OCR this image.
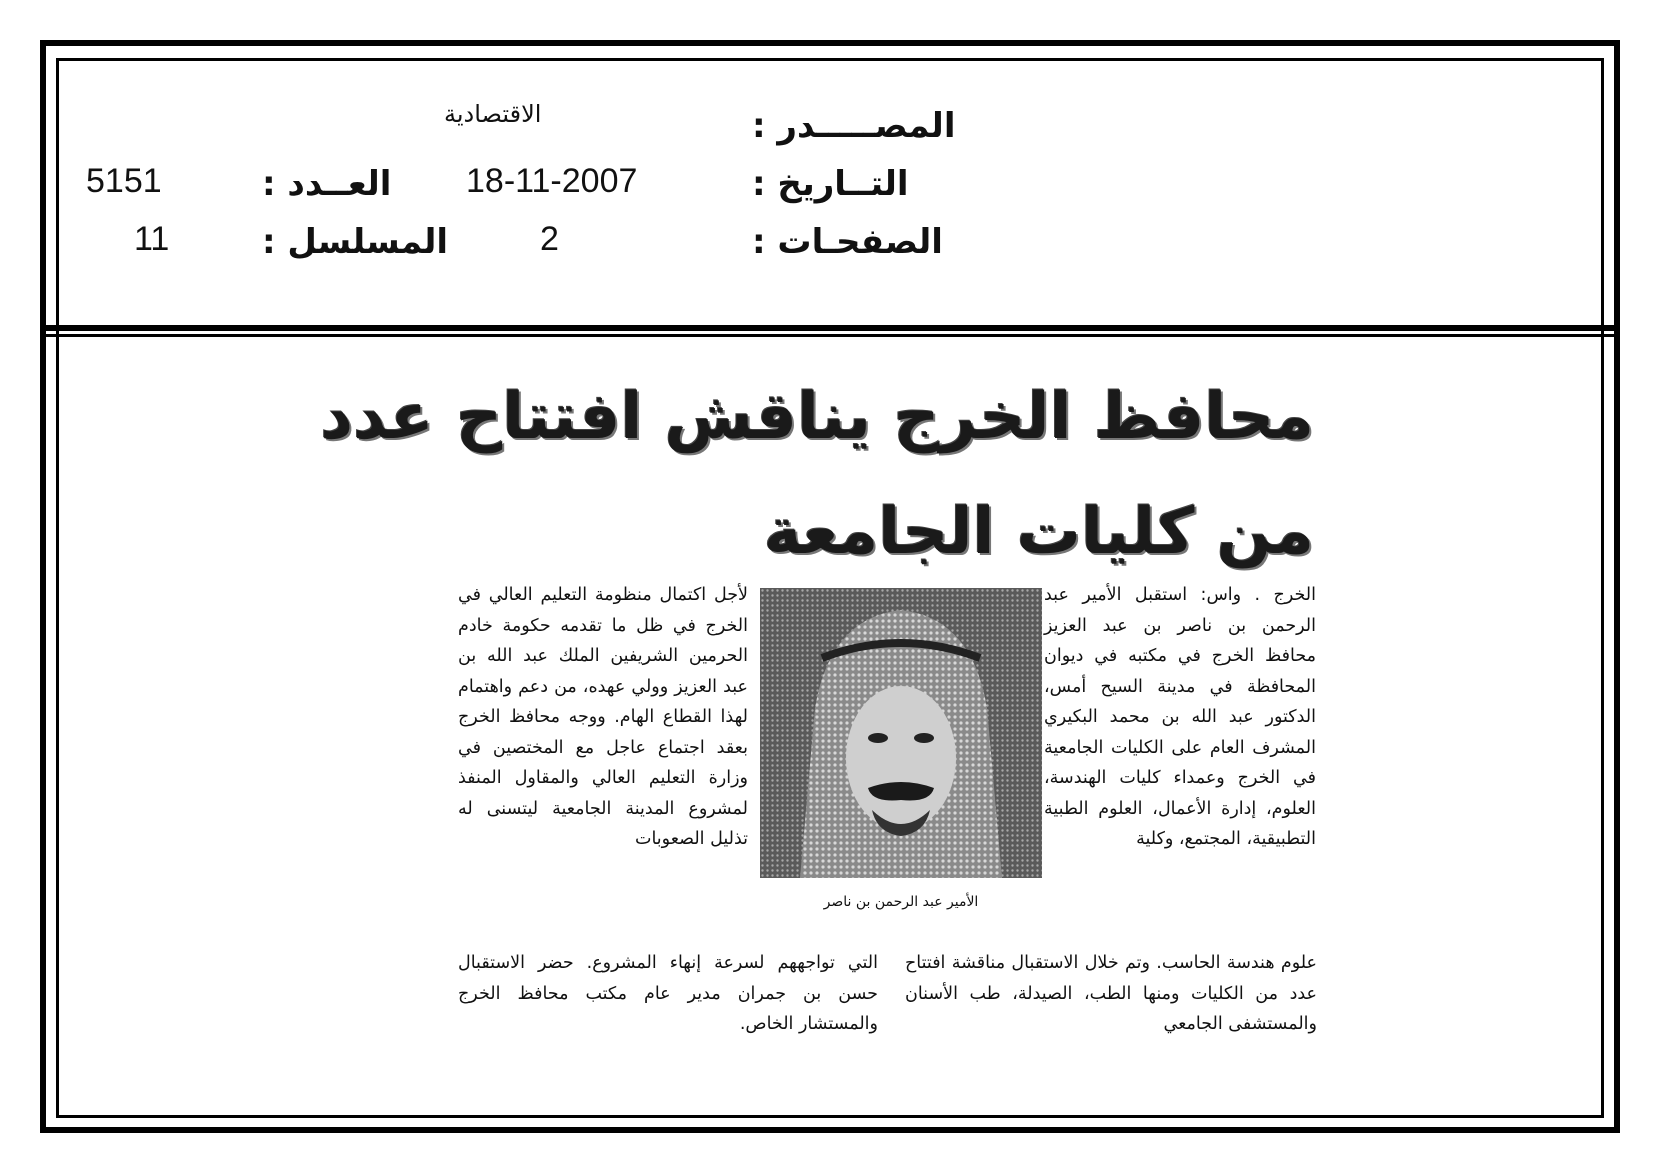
المصـــــدر :
الاقتصادية
التــاريخ :
18-11-2007
الصفحـات :
2
العــدد :
5151
المسلسل :
11
محافظ الخرج يناقش افتتاح عدد
من كليات الجامعة

الخرج . واس: استقبل الأمير عبد الرحمن بن ناصر بن عبد العزيز محافظ الخرج في مكتبه في ديوان المحافظة في مدينة السيح أمس، الدكتور عبد الله بن محمد البكيري المشرف العام على الكليات الجامعية في الخرج وعمداء كليات الهندسة، العلوم، إدارة الأعمال، العلوم الطبية التطبيقية، المجتمع، وكلية

الأمير عبد الرحمن بن ناصر

لأجل اكتمال منظومة التعليم العالي في الخرج في ظل ما تقدمه حكومة خادم الحرمين الشريفين الملك عبد الله بن عبد العزيز وولي عهده، من دعم واهتمام لهذا القطاع الهام. ووجه محافظ الخرج بعقد اجتماع عاجل مع المختصين في وزارة التعليم العالي والمقاول المنفذ لمشروع المدينة الجامعية ليتسنى له تذليل الصعوبات

علوم هندسة الحاسب. وتم خلال الاستقبال مناقشة افتتاح عدد من الكليات ومنها الطب، الصيدلة، طب الأسنان والمستشفى الجامعي

التي تواجههم لسرعة إنهاء المشروع. حضر الاستقبال حسن بن جمران مدير عام مكتب محافظ الخرج والمستشار الخاص.
